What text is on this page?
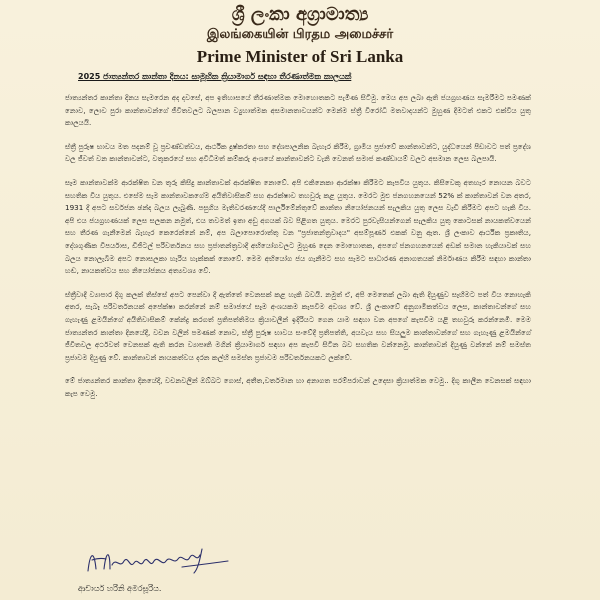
ශ්‍රී ලංකා අග්‍රාමාත්‍ය
இலங்கையின் பிரதம அமைச்சர்
Prime Minister of Sri Lanka
2025 ජාත්‍යන්තර කාන්තා දිනය: සාමූහික ක්‍රියාමාර්ග සඳහා තීරණාත්මක කාලයක්

ජාත්‍යන්තර කාන්තා දිනය සැමරෙන අද දවසේ, අප ඉතිහාසයේ තීරණාත්මක මොහොතකට පැමිණ සිටිමු. මෙය අප ලබා ඇති ජයග්‍රහණය සැමරීමට පමණක් නොව, ලොව පුරා කාන්තාවන්ගේ ජීවිතවලට බලපාන ව්‍යුහාත්මක අසමානතාවයන්ට මෙන්ම ස්ත්‍රී විරෝධී මතවාදයන්ට මුහුණ දීමටත් එකට එක්විය යුතු කාලයයි.

ස්ත්‍රී පුරුෂ භාවය මත පදනම් වූ ප්‍රචණ්ඩත්වය, ආර්ථික දුෂ්කරතා සහ දේශපාලනික බැහැර කිරීම, ග්‍රාමීය ප්‍රජාවේ කාන්තාවන්ට, යුද්ධයෙන් පීඩාවට පත් ප්‍රදේශ වල ජීවත් වන කාන්තාවන්ට, වතුකරයේ සහ අවිධිමත් කම්කරු අංශයේ කාන්තාවන්ට වැනි වෙනත් සමාජ කණ්ඩායම් වලට අසමාන ලෙස බලපායි.

සෑම කාන්තාවක්ම ආරක්ෂිත වන තුරු කිසිදු කාන්තාවක් ආරක්ෂිත නොවේ. අපි එකිනෙකා ආරක්ෂා කිරීමට කැපවිය යුතුය. කිසිවෙකු අතහැර නොයන බවට සහතික විය යුතුය. එසේම සැම කාන්තාවකගේම අයිතිවාසිකම් සහ ආරක්ෂාව තහවුරු කළ යුතුය. මෙරට මුළු ජනගහනයෙන් 52% ක් කාන්තාවන් වන අතර, 1931 දී අපට සර්වජන ඡන්ද බලය ලැබුණි. පසුගිය මැතිවරණයේදී පාර්ලිමේන්තුවේ කාන්තා නියෝජනයන් සැලකිය යුතු ලෙස වැඩි කිරීමට අපට හැකි විය. අපි එය ජයග්‍රහණයක් ලෙස සලකන නමුත්, එය තවමත් ඉතා අඩු අගයක් බව පිළිගත යුතුය. මෙරට පුරවැසියන්ගෙන් සැලකිය යුතු කොටසක් නායකත්වයෙන් සහ තීරණ ගැනීමෙන් බැහැර කෙරෙන්නේ නම්, අප බලාපොරොත්තු වන "ප්‍රජාතන්ත්‍රවාදය" අසම්පූර්ණ එකක් වනු ඇත. ශ්‍රී ලංකාව ආර්ථික ප්‍රකෘතිය, දේශගුණික විපර්යාස, ඩිජිටල් පරිවර්තනය සහ ප්‍රජාතන්ත්‍රවාදී අභියෝගවලට මුහුණ දෙන මොහොතක, අපගේ ජනගහනයෙන් අඩක් සමාන හැකියාවක් සහ බලය නොලැබීම අපට නොසලකා හැරිය හැක්කක් නොවේ. මෙම අභියෝග ජය ගැනීමට සහ සැමට සාධාරණ අනාගතයක් නිර්මාණය කිරීම සඳහා කාන්තා හඬ, නායකත්වය සහ නියෝජනය අත්‍යවශ්‍ය වේ.

ස්ත්‍රීවාදී ව්‍යාපාර දිගු කලක් තිස්සේ අපට පෙන්වා දී ඇත්තේ වෙනසක් කළ හැකි බවයි. නමුත් ඒ, අපි මෙතෙක් ලබා ඇති දියුණුව සෑහීමට පත් විය නොහැකි අතර, සැබෑ පරිවර්තනයක් අපේක්ෂා කරන්නේ නම් සමාජයේ සෑම අංශයකම කැපවීම අවශ්‍ය වේ. ශ්‍රී ලංකාවේ අනුගාමිකත්වය ලෙස, කාන්තාවන්ගේ සහ ගැහැණු ළමයින්ගේ අයිතිවාසිකම් කේන්ද්‍ර කරගත් ප්‍රතිපත්තිමය ක්‍රියාවලීන් ඉදිරියට ගෙන යාම සඳහා වන අපගේ කැපවීම යළි තහවුරු කරන්නෙමි. මෙම ජාත්‍යන්තර කාන්තා දිනයේදී, වචන වලින් පමණක් නොව, ස්ත්‍රී පුරුෂ භාවය සංවේදී ප්‍රතිපත්ති, අයවැය සහ සියලුම කාන්තාවන්ගේ සහ ගැහැණු ළමයින්ගේ ජීවිතවල අර්ථවත් වෙනසක් ඇති කරන ව්‍යාපෘති මගින් ක්‍රියාමාර්ග සඳහා අප කැපවී සිටින බව සහතික වන්නෙමු. කාන්තාවන් දියුණු වන්නේ නම් සමස්ත ප්‍රජාවම දියුණු වේ. කාන්තාවන් නායකත්වය දරන කල්හි සමස්ත ප්‍රජාවම පරිවර්තනයකට ලක්වේ.

මේ ජාත්‍යන්තර කාන්තා දිනයේදී, වචනවලින් ඔබ්බට ගොස්, අතීත,වර්තමාන හා අනාගත පරම්පරාවන් උදෙසා ක්‍රියාත්මක වෙමු.. දිගු කාලීන වෙනසක් සඳහා කැප වෙමු.

ආචාර්ය හරිනි අමරසූරිය.
